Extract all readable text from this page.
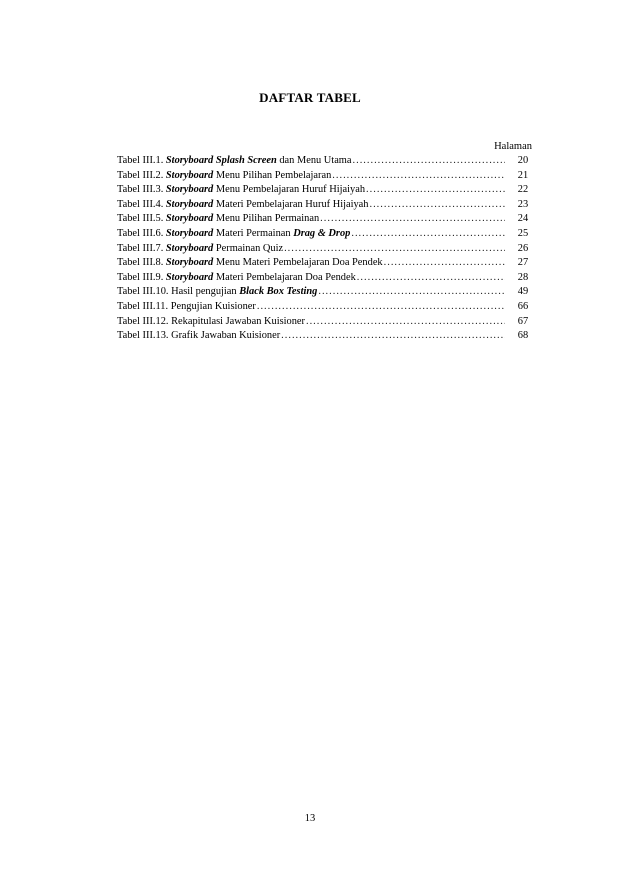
DAFTAR TABEL
Halaman
Tabel III.1. Storyboard Splash Screen dan Menu Utama .....	20
Tabel III.2. Storyboard Menu Pilihan Pembelajaran .....	21
Tabel III.3. Storyboard Menu Pembelajaran Huruf Hijaiyah .....	22
Tabel III.4. Storyboard Materi Pembelajaran Huruf Hijaiyah .....	23
Tabel III.5. Storyboard Menu Pilihan Permainan .....	24
Tabel III.6. Storyboard Materi Permainan Drag & Drop .....	25
Tabel III.7. Storyboard Permainan Quiz .....	26
Tabel III.8. Storyboard Menu Materi Pembelajaran Doa Pendek .....	27
Tabel III.9. Storyboard Materi Pembelajaran Doa Pendek .....	28
Tabel III.10. Hasil pengujian Black Box Testing .....	49
Tabel III.11. Pengujian Kuisioner .....	66
Tabel III.12. Rekapitulasi Jawaban Kuisioner .....	67
Tabel III.13. Grafik Jawaban Kuisioner .....	68
13
